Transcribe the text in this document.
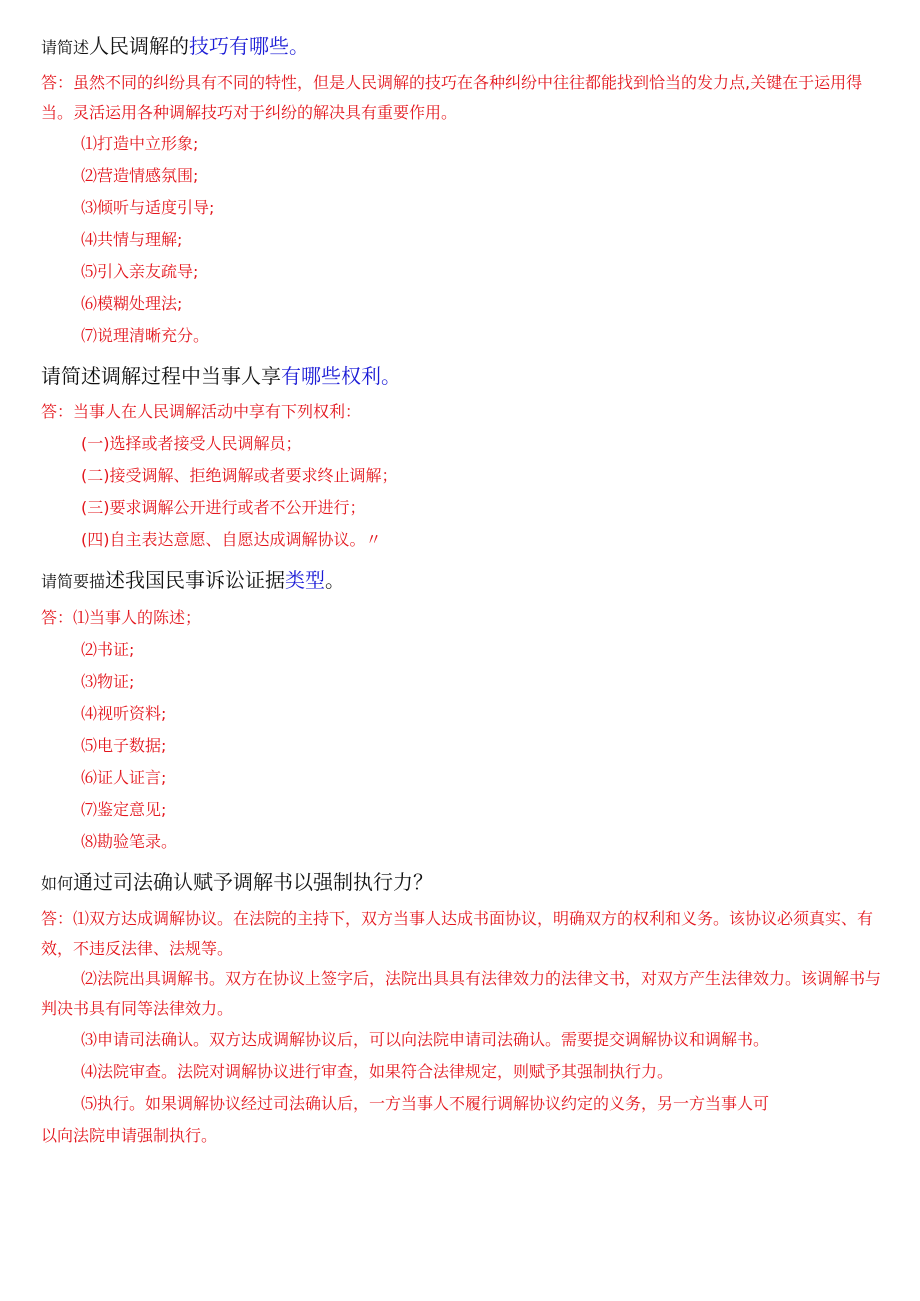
请简述人民调解的技巧有哪些。

答：虽然不同的纠纷具有不同的特性，但是人民调解的技巧在各种纠纷中往往都能找到恰当的发力点,关键在于运用得当。灵活运用各种调解技巧对于纠纷的解决具有重要作用。

⑴打造中立形象;

⑵营造情感氛围;

⑶倾听与适度引导;

⑷共情与理解;

⑸引入亲友疏导;

⑹模糊处理法;

⑺说理清晰充分。

请简述调解过程中当事人享有哪些权利。

答：当事人在人民调解活动中享有下列权利：

(一)选择或者接受人民调解员；

(二)接受调解、拒绝调解或者要求终止调解；

(三)要求调解公开进行或者不公开进行；

(四)自主表达意愿、自愿达成调解协议。〃

请简要描述我国民事诉讼证据类型。

答：⑴当事人的陈述；

⑵书证;

⑶物证;

⑷视听资料;

⑸电子数据;

⑹证人证言;

⑺鉴定意见;

⑻勘验笔录。

如何通过司法确认赋予调解书以强制执行力？

答：⑴双方达成调解协议。在法院的主持下，双方当事人达成书面协议，明确双方的权利和义务。该协议必须真实、有效，不违反法律、法规等。

⑵法院出具调解书。双方在协议上签字后，法院出具具有法律效力的法律文书，对双方产生法律效力。该调解书与判决书具有同等法律效力。

⑶申请司法确认。双方达成调解协议后，可以向法院申请司法确认。需要提交调解协议和调解书。

⑷法院审查。法院对调解协议进行审查，如果符合法律规定，则赋予其强制执行力。

⑸执行。如果调解协议经过司法确认后，一方当事人不履行调解协议约定的义务，另一方当事人可

以向法院申请强制执行。
